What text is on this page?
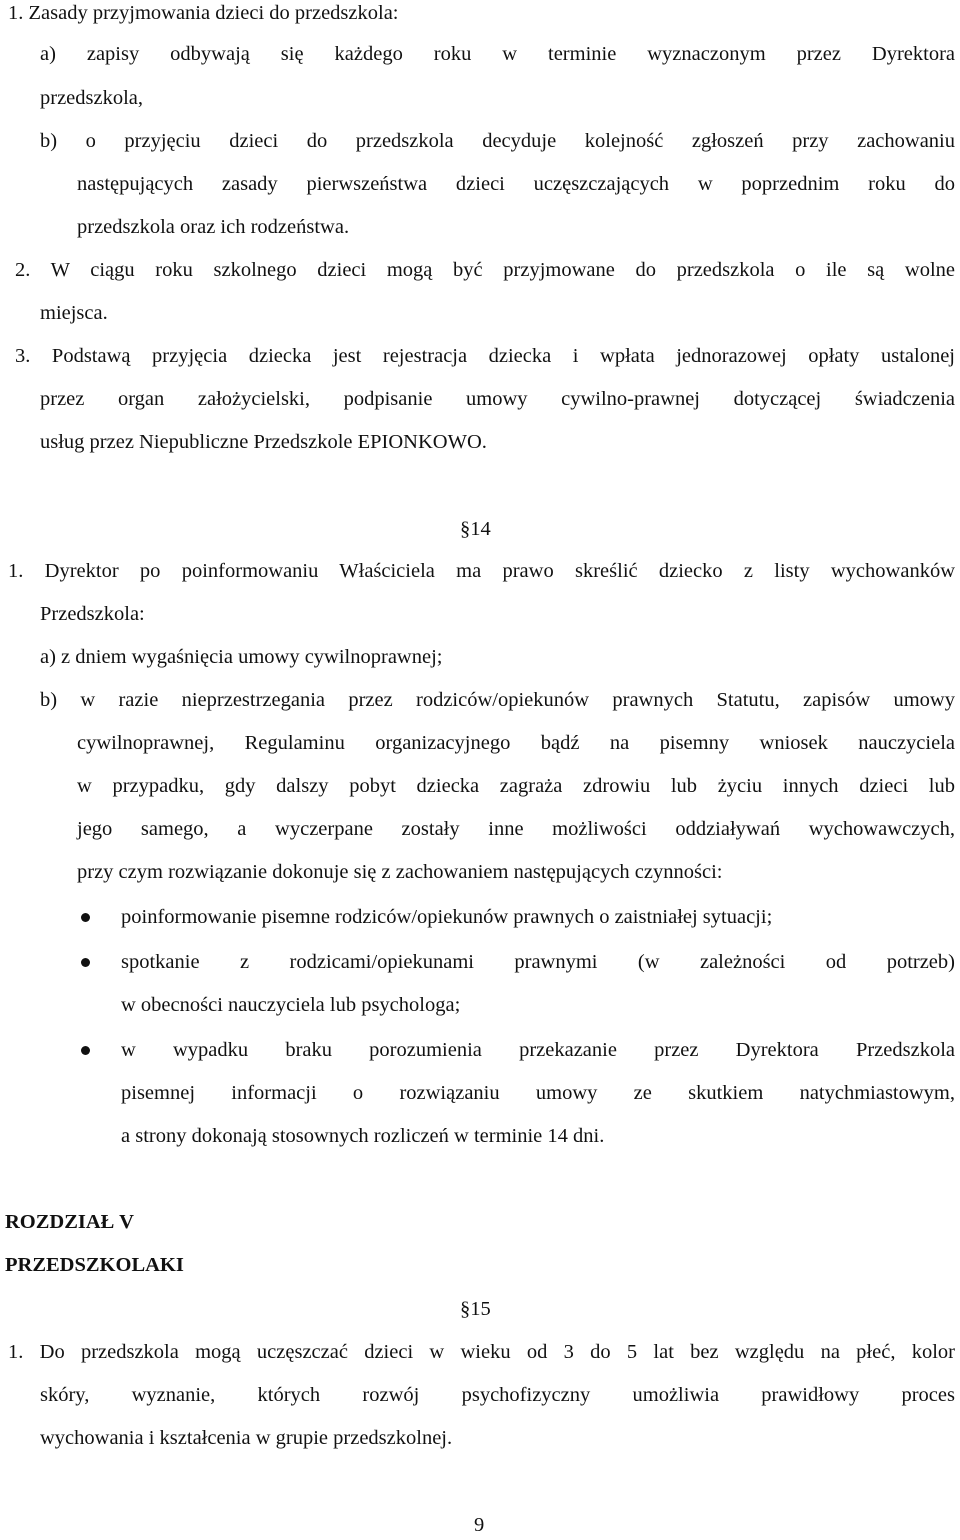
1. Zasady przyjmowania dzieci do przedszkola:
a) zapisy odbywają się każdego roku w terminie wyznaczonym przez Dyrektora
przedszkola,
b) o przyjęciu dzieci do przedszkola decyduje kolejność zgłoszeń przy zachowaniu
następujących zasady pierwszeństwa dzieci uczęszczających w poprzednim roku do
przedszkola oraz ich rodzeństwa.
2. W ciągu roku szkolnego dzieci mogą być przyjmowane do przedszkola o ile są wolne
miejsca.
3. Podstawą przyjęcia dziecka jest rejestracja dziecka i wpłata jednorazowej opłaty ustalonej
przez organ założycielski, podpisanie umowy cywilno-prawnej dotyczącej świadczenia
usług przez Niepubliczne Przedszkole EPIONKOWO.
§14
1. Dyrektor po poinformowaniu Właściciela ma prawo skreślić dziecko z listy wychowanków
Przedszkola:
a) z dniem wygaśnięcia umowy cywilnoprawnej;
b) w razie nieprzestrzegania przez rodziców/opiekunów prawnych Statutu, zapisów umowy
cywilnoprawnej, Regulaminu organizacyjnego bądź na pisemny wniosek nauczyciela
w przypadku, gdy dalszy pobyt dziecka zagraża zdrowiu lub życiu innych dzieci lub
jego samego, a wyczerpane zostały inne możliwości oddziaływań wychowawczych,
przy czym rozwiązanie dokonuje się z zachowaniem następujących czynności:
poinformowanie pisemne rodziców/opiekunów prawnych o zaistniałej sytuacji;
spotkanie z rodzicami/opiekunami prawnymi (w zależności od potrzeb)
w obecności nauczyciela lub psychologa;
w wypadku braku porozumienia przekazanie przez Dyrektora Przedszkola
pisemnej informacji o rozwiązaniu umowy ze skutkiem natychmiastowym,
a strony dokonają stosownych rozliczeń w terminie 14 dni.
ROZDZIAŁ V
PRZEDSZKOLAKI
§15
1. Do przedszkola mogą uczęszczać dzieci w wieku od 3 do 5 lat bez względu na płeć, kolor
skóry, wyznanie, których rozwój psychofizyczny umożliwia prawidłowy proces
wychowania i kształcenia w grupie przedszkolnej.
9
